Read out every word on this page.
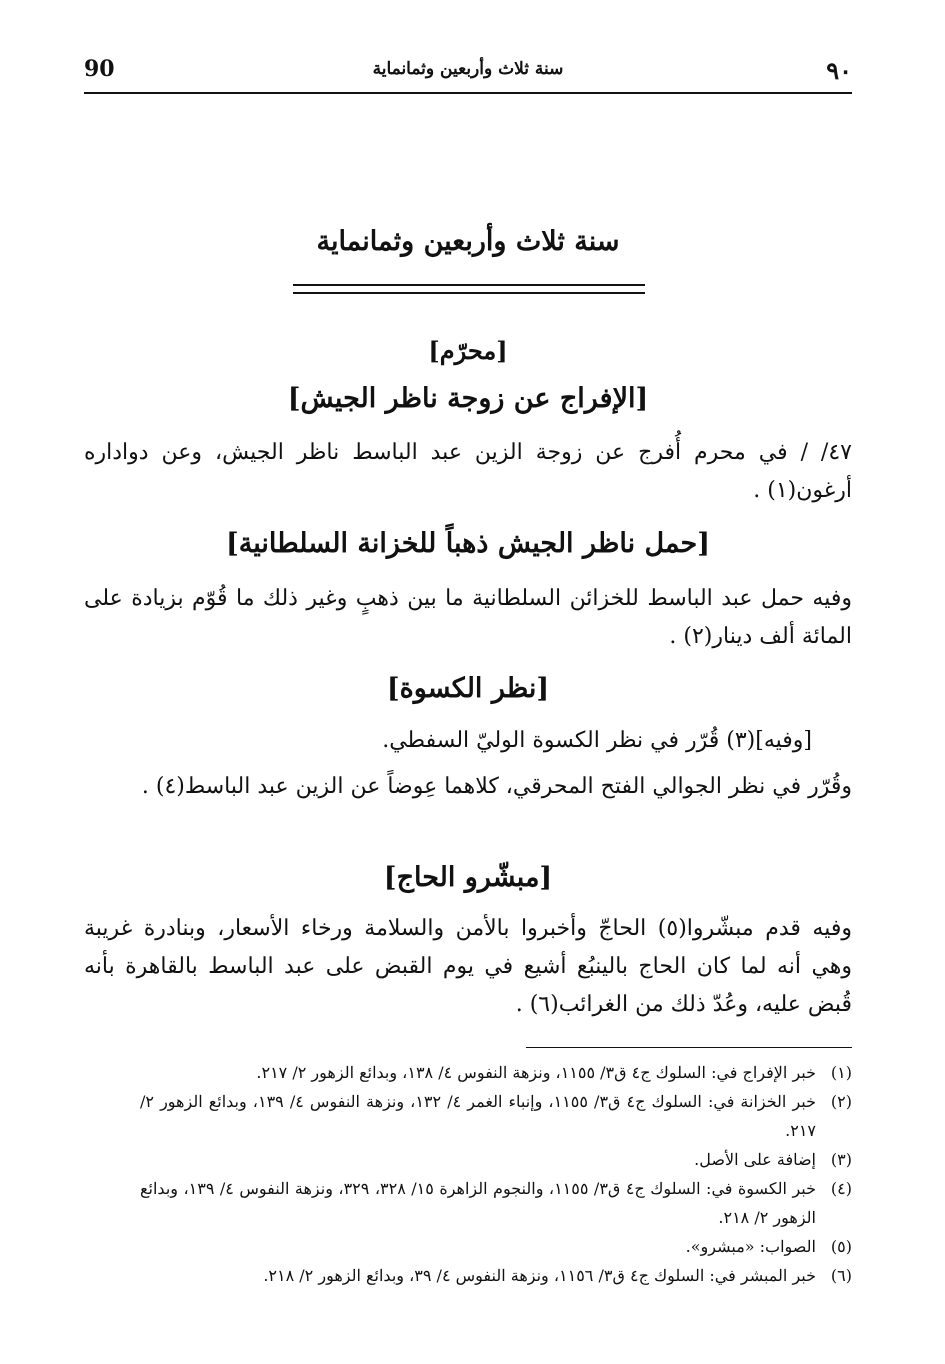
90	سنة ثلاث وأربعين وثمانماية	٩٠
سنة ثلاث وأربعين وثمانماية
[محرّم]
[الإفراج عن زوجة ناظر الجيش]
٤٧/ / في محرم أُفرج عن زوجة الزين عبد الباسط ناظر الجيش، وعن دواداره أرغون(١) .
[حمل ناظر الجيش ذهباً للخزانة السلطانية]
وفيه حمل عبد الباسط للخزائن السلطانية ما بين ذهبٍ وغير ذلك ما قُوّم بزيادة على المائة ألف دينار(٢) .
[نظر الكسوة]
[وفيه](٣) قُرّر في نظر الكسوة الوليّ السفطي.
وقُرّر في نظر الجوالي الفتح المحرقي، كلاهما عِوضاً عن الزين عبد الباسط(٤) .
[مبشّرو الحاج]
وفيه قدم مبشّروا(٥) الحاجّ وأخبروا بالأمن والسلامة ورخاء الأسعار، وبنادرة غريبة وهي أنه لما كان الحاج بالينبُع أشيع في يوم القبض على عبد الباسط بالقاهرة بأنه قُبض عليه، وعُدّ ذلك من الغرائب(٦) .
(١)
خبر الإفراج في: السلوك ج٤ ق٣/ ١١٥٥، ونزهة النفوس ٤/ ١٣٨، وبدائع الزهور ٢/ ٢١٧.
(٢)
خبر الخزانة في: السلوك ج٤ ق٣/ ١١٥٥، وإنباء الغمر ٤/ ١٣٢، ونزهة النفوس ٤/ ١٣٩، وبدائع الزهور ٢/ ٢١٧.
(٣)
إضافة على الأصل.
(٤)
خبر الكسوة في: السلوك ج٤ ق٣/ ١١٥٥، والنجوم الزاهرة ١٥/ ٣٢٨، ٣٢٩، ونزهة النفوس ٤/ ١٣٩، وبدائع الزهور ٢/ ٢١٨.
(٥)
الصواب: «مبشرو».
(٦)
خبر المبشر في: السلوك ج٤ ق٣/ ١١٥٦، ونزهة النفوس ٤/ ٣٩، وبدائع الزهور ٢/ ٢١٨.
